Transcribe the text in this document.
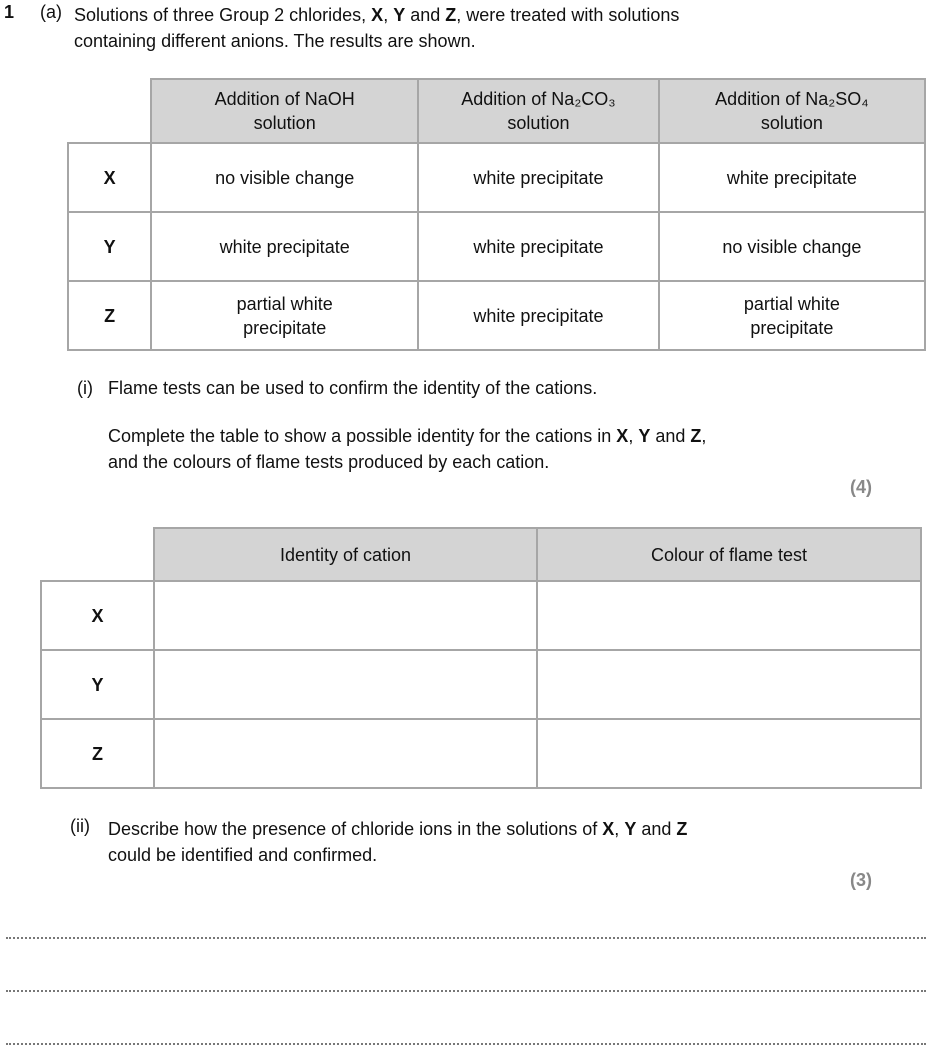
1 (a) Solutions of three Group 2 chlorides, X, Y and Z, were treated with solutions
containing different anions. The results are shown.
	Addition of NaOH solution	Addition of Na₂CO₃ solution	Addition of Na₂SO₄ solution
X	no visible change	white precipitate	white precipitate
Y	white precipitate	white precipitate	no visible change
Z	partial white precipitate	white precipitate	partial white precipitate
(i) Flame tests can be used to confirm the identity of the cations.
Complete the table to show a possible identity for the cations in X, Y and Z,
and the colours of flame tests produced by each cation.
(4)
	Identity of cation	Colour of flame test
X		
Y		
Z		
(ii) Describe how the presence of chloride ions in the solutions of X, Y and Z
could be identified and confirmed.
(3)
